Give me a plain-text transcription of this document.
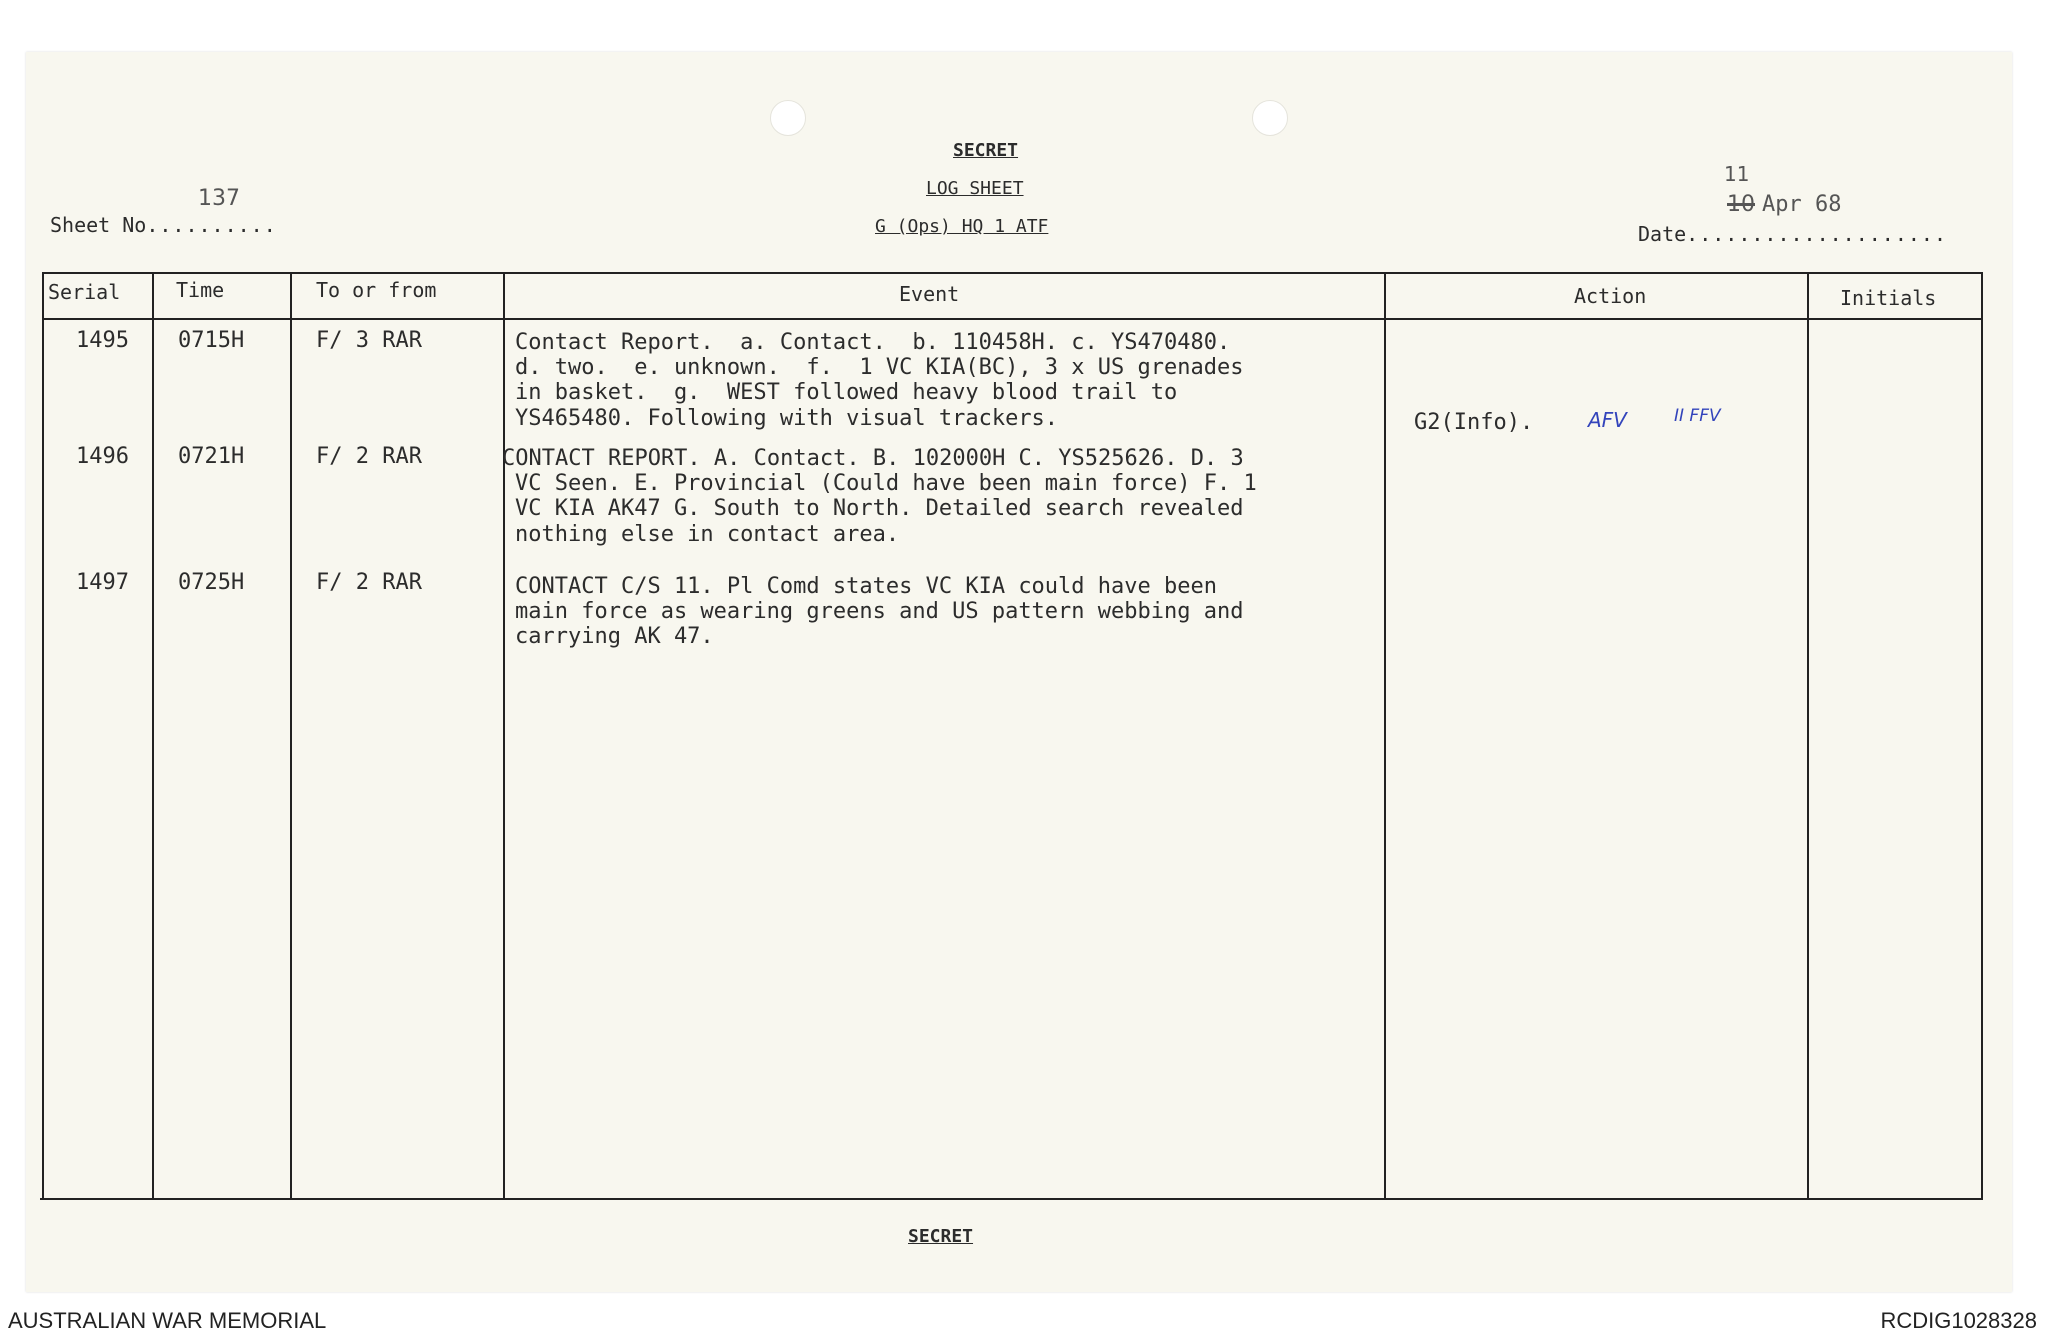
SECRET
LOG SHEET
G (Ops) HQ 1 ATF
Sheet No ..........
137
Date ....................
10
11
Apr 68
Serial	Time	To or from	Event	Action	Initials
1495 0715H	F/ 3 RAR	Contact Report.  a. Contact.  b. 110458H. c. YS470480.
d. two.  e. unknown.  f.  1 VC KIA(BC), 3 x US grenades
in basket.  g.  WEST followed heavy blood trail to
YS465480. Following with visual trackers.	G2(Info).	AFV	II FFV
1496 0721H	F/ 2 RAR	CONTACT REPORT. A. Contact. B. 102000H C. YS525626. D. 3
VC Seen. E. Provincial (Could have been main force) F. 1
VC KIA AK47 G. South to North. Detailed search revealed
nothing else in contact area.
1497 0725H	F/ 2 RAR	CONTACT C/S 11. Pl Comd states VC KIA could have been
main force as wearing greens and US pattern webbing and
carrying AK 47.
SECRET
AUSTRALIAN WAR MEMORIAL	RCDIG1028328
